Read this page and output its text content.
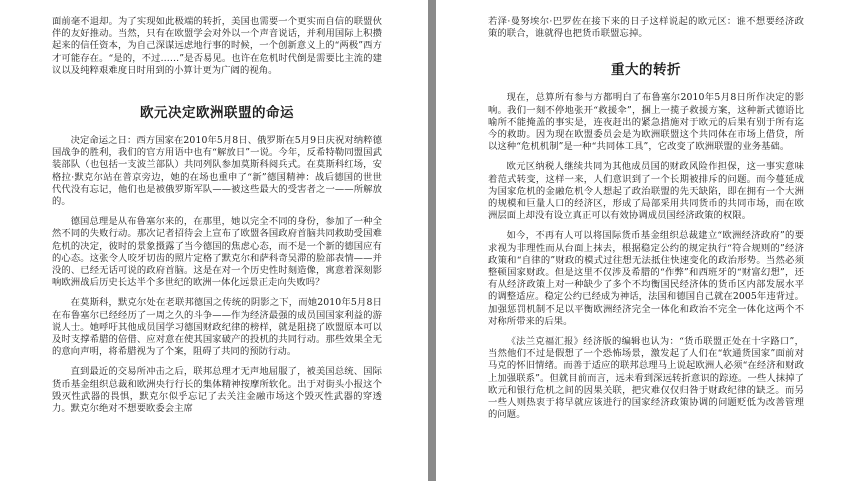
面前毫不退却。为了实现如此极端的转折，美国也需要一个更实而自信的联盟伙伴的友好推动。当然，只有在欧盟学会对外以一个声音说话，并利用国际上积攒起来的信任资本，为自己深谋远虑地行事的时候，一个创新意义上的“两极”西方才可能存在。“是的，不过……”是否易见。也许在危机时代倒是需要比主流的建议以及纯粹艰难度日时用到的小算计更为广阔的视角。

欧元决定欧洲联盟的命运

决定命运之日：西方国家在2010年5月8日、俄罗斯在5月9日庆祝对纳粹德国战争的胜利，我们的官方用语中也有“解放日”一说。今年，反希特勒同盟国武装部队（也包括一支波兰部队）共同列队参加莫斯科阅兵式。在莫斯科红场，安格拉·默克尔站在普京旁边，她的在场也重申了“新”德国精神：战后德国的世世代代没有忘记，他们也是被俄罗斯军队——被这些最大的受害者之一——所解放的。

德国总理是从布鲁塞尔来的，在那里，她以完全不同的身份，参加了一种全然不同的失败行动。那次记者招待会上宣布了欧盟各国政府首脑共同救助受国难危机的决定，彼时的景象摄露了当今德国的焦虑心态，而不是一个新的德国应有的心态。这张令人咬牙切齿的照片定格了默克尔和萨科奇吴滞的脸部表情——并没的、已经无话可说的政府首脑。这是在对一个历史性时刻造像，寓意着深刻影响欧洲战后历史长达半个多世纪的欧洲一体化远景正走向失败吗？

在莫斯科，默克尔处在老联邦德国之传统的阴影之下，而她2010年5月8日在布鲁塞尔已经经历了一周之久的斗争——作为经济最强的成员国国家利益的游说人士。她呼吁其他成员国学习德国财政纪律的榜样，就是阻挠了欧盟原本可以及时支撑希腊的倍借、应对意在使其国家破产的投机的共同行动。那些效果全无的意向声明，将希腊视为了个案，阻碍了共同的预防行动。

直到最近的交易所冲击之后，联邦总理才无声地屈服了，被美国总统、国际货币基金组织总裁和欧洲央行行长的集体精神按摩所软化。出于对街头小报这个毁灭性武器的畏惧，默克尔似乎忘记了去关注金融市场这个毁灭性武器的穿透力。默克尔绝对不想要欧委会主席

若泽·曼努埃尔·巴罗佐在接下来的日子这样说起的欧元区：谁不想要经济政策的联合，谁就得也把货币联盟忘掉。

重大的转折

现在，总算所有参与方都明白了布鲁塞尔2010年5月8日所作决定的影响。我们一刻不停地张开“救援伞”，捆上一揽子救援方案，这种新式德语比喻所不能掩盖的事实是，连夜赶出的紧急措施对于欧元的后果有别于所有迄今的救助。因为现在欧盟委员会是为欧洲联盟这个共同体在市场上借贷，所以这种“危机机制”是一种“共同体工具”，它改变了欧洲联盟的业务基础。

欧元区纳税人继续共同为其他成员国的财政风险作担保，这一事实意味着范式转变，这样一来，人们意识到了一个长期被排斥的问题。而今蔓延成为国家危机的金融危机令人想起了政治联盟的先天缺陷，即在拥有一个大洲的规模和巨量人口的经济区，形成了局部采用共同货币的共同市场，而在欧洲层面上却没有设立真正可以有效协调成员国经济政策的权限。

如今，不再有人可以将国际货币基金组织总裁建立“欧洲经济政府”的要求视为非理性而从台面上抹去，根据稳定公约的规定执行“符合规则的”经济政策和“自律的”财政的模式过往想无法抵住快速变化的政治形势。当然必须整顿国家财政。但是这里不仅涉及希腊的“作弊”和西班牙的“财富幻想”，还有从经济政策上对一种缺少了多个不均衡国民经济体的货币区内部发展水平的调整适应。稳定公约已经成为神话，法国和德国自己就在2005年违背过。加强惩罚机制不足以平衡欧洲经济完全一体化和政治不完全一体化这两个不对称所带来的后果。

《法兰克福汇报》经济版的编辑也认为：“货币联盟正处在十字路口”，当然他们不过是假想了一个恐怖场景，激发起了人们在“软通货国家”面前对马克的怀旧情绪。而善于适应的联邦总理马上说起欧洲人必须“在经济和财政上加强联系”。但就目前而言，远未看到深远转折意识的踪迹。一些人抹掉了欧元和银行危机之间的因果关联，把灾难仅仅归咎于财政纪律的缺乏。而另一些人则热衷于将早就应该进行的国家经济政策协调的问题贬低为改善管理的问题。
